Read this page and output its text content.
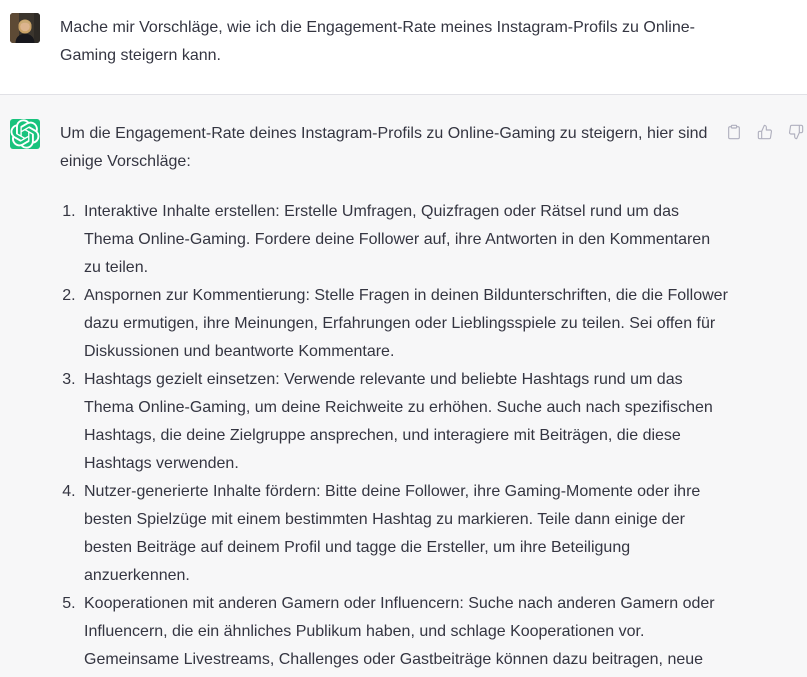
Mache mir Vorschläge, wie ich die Engagement-Rate meines Instagram-Profils zu Online-Gaming steigern kann.

Um die Engagement-Rate deines Instagram-Profils zu Online-Gaming zu steigern, hier sind einige Vorschläge:

1. Interaktive Inhalte erstellen: Erstelle Umfragen, Quizfragen oder Rätsel rund um das Thema Online-Gaming. Fordere deine Follower auf, ihre Antworten in den Kommentaren zu teilen.
2. Anspornen zur Kommentierung: Stelle Fragen in deinen Bildunterschriften, die die Follower dazu ermutigen, ihre Meinungen, Erfahrungen oder Lieblingsspiele zu teilen. Sei offen für Diskussionen und beantworte Kommentare.
3. Hashtags gezielt einsetzen: Verwende relevante und beliebte Hashtags rund um das Thema Online-Gaming, um deine Reichweite zu erhöhen. Suche auch nach spezifischen Hashtags, die deine Zielgruppe ansprechen, und interagiere mit Beiträgen, die diese Hashtags verwenden.
4. Nutzer-generierte Inhalte fördern: Bitte deine Follower, ihre Gaming-Momente oder ihre besten Spielzüge mit einem bestimmten Hashtag zu markieren. Teile dann einige der besten Beiträge auf deinem Profil und tagge die Ersteller, um ihre Beteiligung anzuerkennen.
5. Kooperationen mit anderen Gamern oder Influencern: Suche nach anderen Gamern oder Influencern, die ein ähnliches Publikum haben, und schlage Kooperationen vor. Gemeinsame Livestreams, Challenges oder Gastbeiträge können dazu beitragen, neue
